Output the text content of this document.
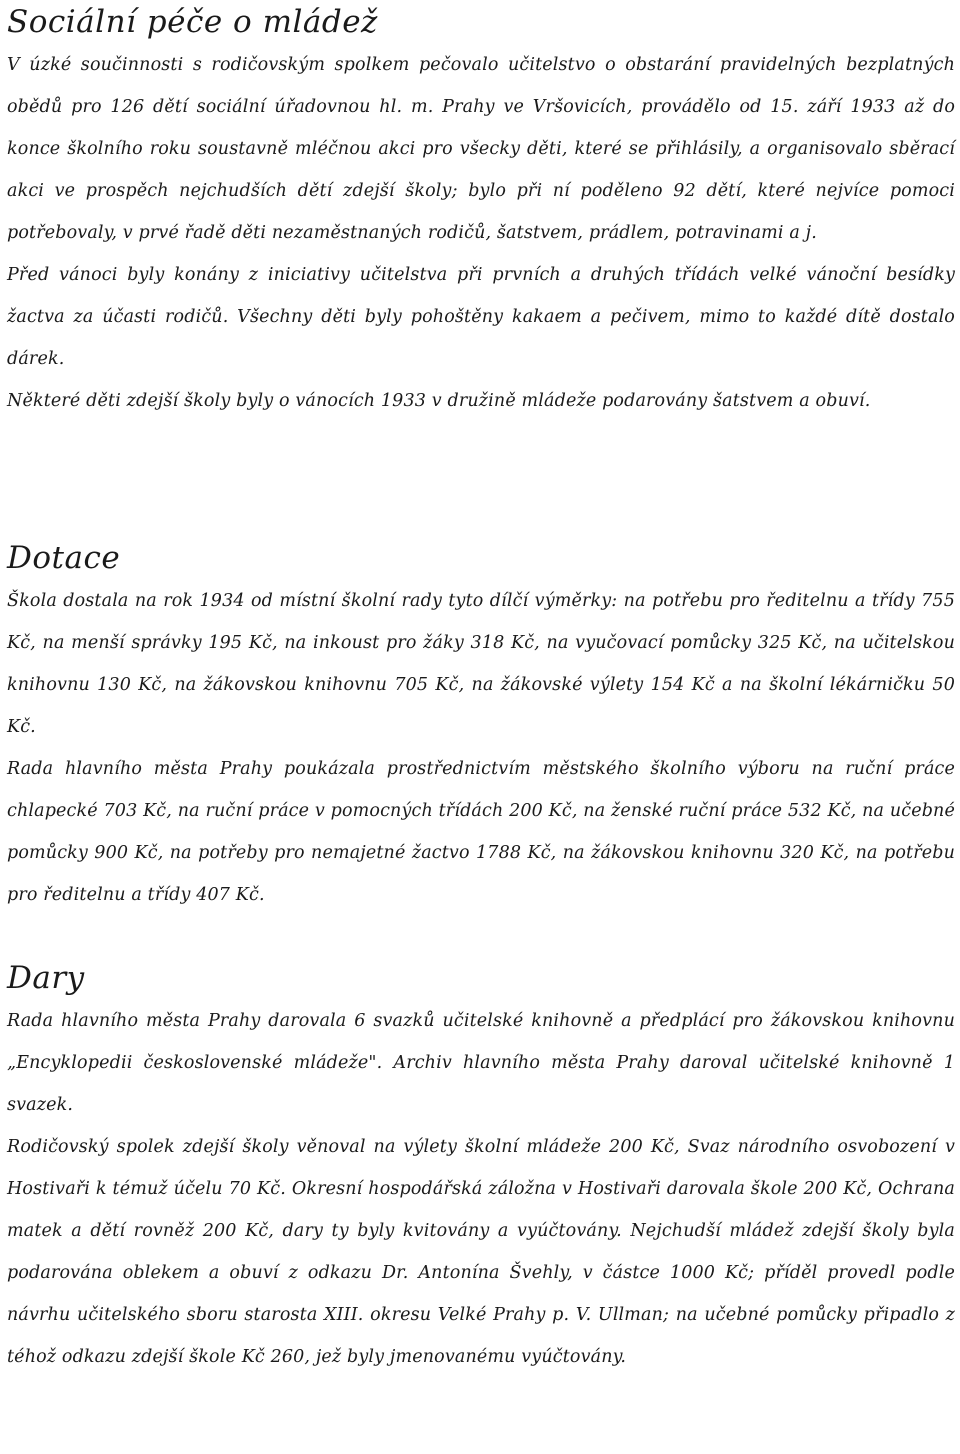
Sociální péče o mládež

V úzké součinnosti s rodičovským spolkem pečovalo učitelstvo o obstarání pravidelných bezplatných obědů pro 126 dětí sociální úřadovnou hl. m. Prahy ve Vršovicích, provádělo od 15. září 1933 až do konce školního roku soustavně mléčnou akci pro všecky děti, které se přihlásily, a organisovalo sběrací akci ve prospěch nejchudších dětí zdejší školy; bylo při ní poděleno 92 dětí, které nejvíce pomoci potřebovaly, v prvé řadě děti nezaměstnaných rodičů, šatstvem, prádlem, potravinami a j.

Před vánoci byly konány z iniciativy učitelstva při prvních a druhých třídách velké vánoční besídky žactva za účasti rodičů. Všechny děti byly pohoštěny kakaem a pečivem, mimo to každé dítě dostalo dárek.

Některé děti zdejší školy byly o vánocích 1933 v družině mládeže podarovány šatstvem a obuví.

Dotace

Škola dostala na rok 1934 od místní školní rady tyto dílčí výměrky: na potřebu pro ředitelnu a třídy 755 Kč, na menší správky 195 Kč, na inkoust pro žáky 318 Kč, na vyučovací pomůcky 325 Kč, na učitelskou knihovnu 130 Kč, na žákovskou knihovnu 705 Kč, na žákovské výlety 154 Kč a na školní lékárničku 50 Kč.

Rada hlavního města Prahy poukázala prostřednictvím městského školního výboru na ruční práce chlapecké 703 Kč, na ruční práce v pomocných třídách 200 Kč, na ženské ruční práce 532 Kč, na učebné pomůcky 900 Kč, na potřeby pro nemajetné žactvo 1788 Kč, na žákovskou knihovnu 320 Kč, na potřebu pro ředitelnu a třídy 407 Kč.

Dary

Rada hlavního města Prahy darovala 6 svazků učitelské knihovně a předplácí pro žákovskou knihovnu „Encyklopedii československé mládeže". Archiv hlavního města Prahy daroval učitelské knihovně 1 svazek.

Rodičovský spolek zdejší školy věnoval na výlety školní mládeže 200 Kč, Svaz národního osvobození v Hostivaři k témuž účelu 70 Kč. Okresní hospodářská záložna v Hostivaři darovala škole 200 Kč, Ochrana matek a dětí rovněž 200 Kč, dary ty byly kvitovány a vyúčtovány. Nejchudší mládež zdejší školy byla podarována oblekem a obuví z odkazu Dr. Antonína Švehly, v částce 1000 Kč; příděl provedl podle návrhu učitelského sboru starosta XIII. okresu Velké Prahy p. V. Ullman; na učebné pomůcky připadlo z téhož odkazu zdejší škole Kč 260, jež byly jmenovanému vyúčtovány.
